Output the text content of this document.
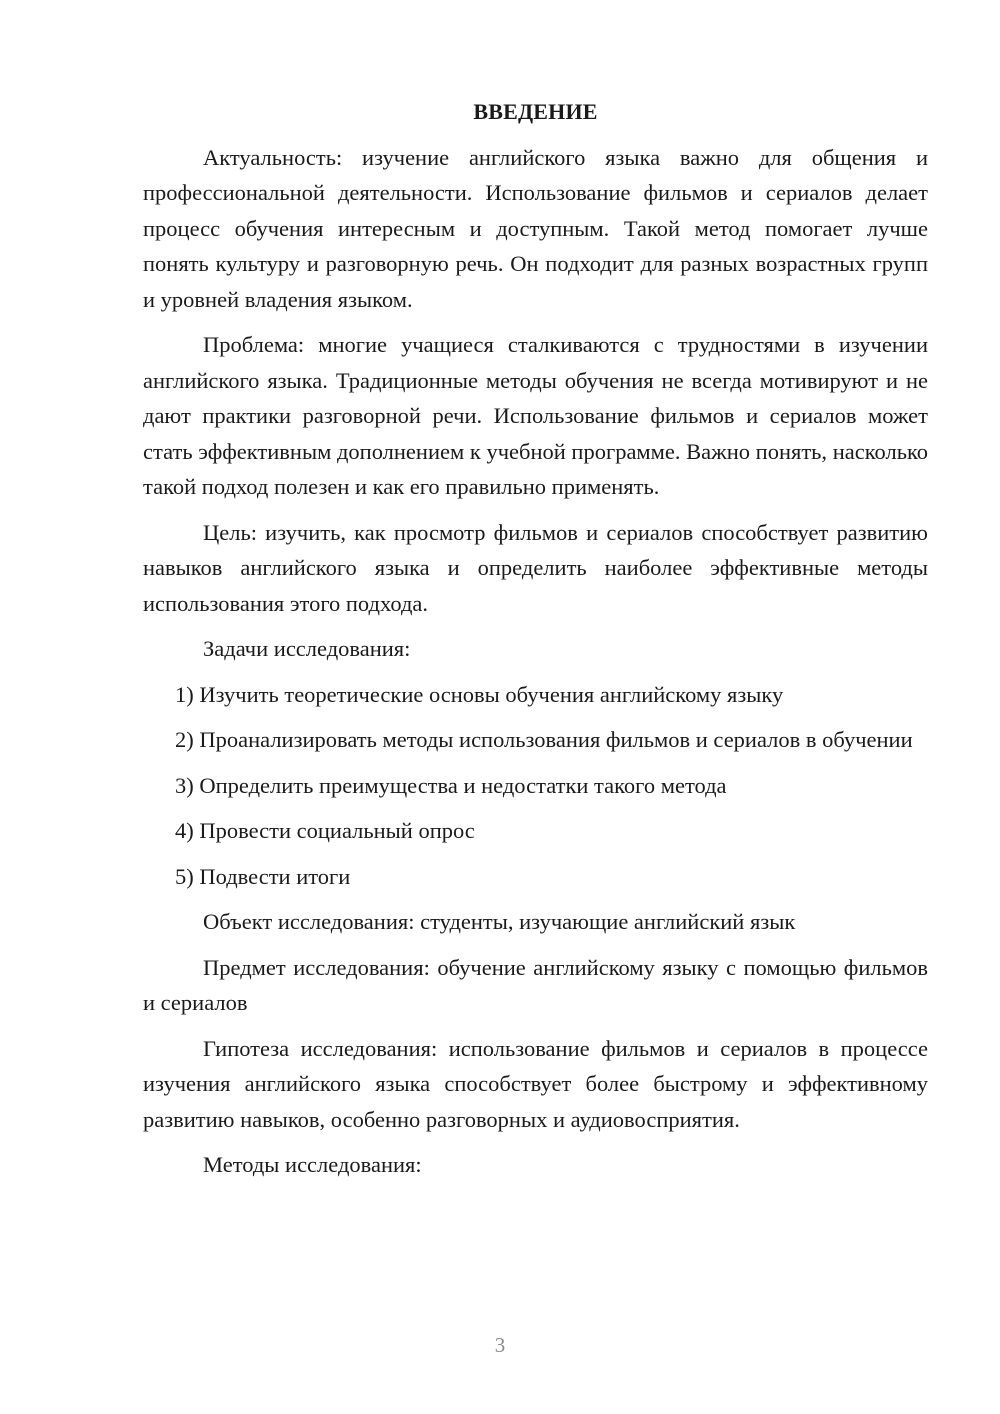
ВВЕДЕНИЕ

Актуальность: изучение английского языка важно для общения и профессиональной деятельности. Использование фильмов и сериалов делает процесс обучения интересным и доступным. Такой метод помогает лучше понять культуру и разговорную речь. Он подходит для разных возрастных групп и уровней владения языком.

Проблема: многие учащиеся сталкиваются с трудностями в изучении английского языка. Традиционные методы обучения не всегда мотивируют и не дают практики разговорной речи. Использование фильмов и сериалов может стать эффективным дополнением к учебной программе. Важно понять, насколько такой подход полезен и как его правильно применять.

Цель: изучить, как просмотр фильмов и сериалов способствует развитию навыков английского языка и определить наиболее эффективные методы использования этого подхода.

Задачи исследования:

1) Изучить теоретические основы обучения английскому языку

2) Проанализировать методы использования фильмов и сериалов в обучении

3) Определить преимущества и недостатки такого метода

4) Провести социальный опрос

5) Подвести итоги

Объект исследования: студенты, изучающие английский язык

Предмет исследования: обучение английскому языку с помощью фильмов и сериалов

Гипотеза исследования: использование фильмов и сериалов в процессе изучения английского языка способствует более быстрому и эффективному развитию навыков, особенно разговорных и аудиовосприятия.

Методы исследования:

3
